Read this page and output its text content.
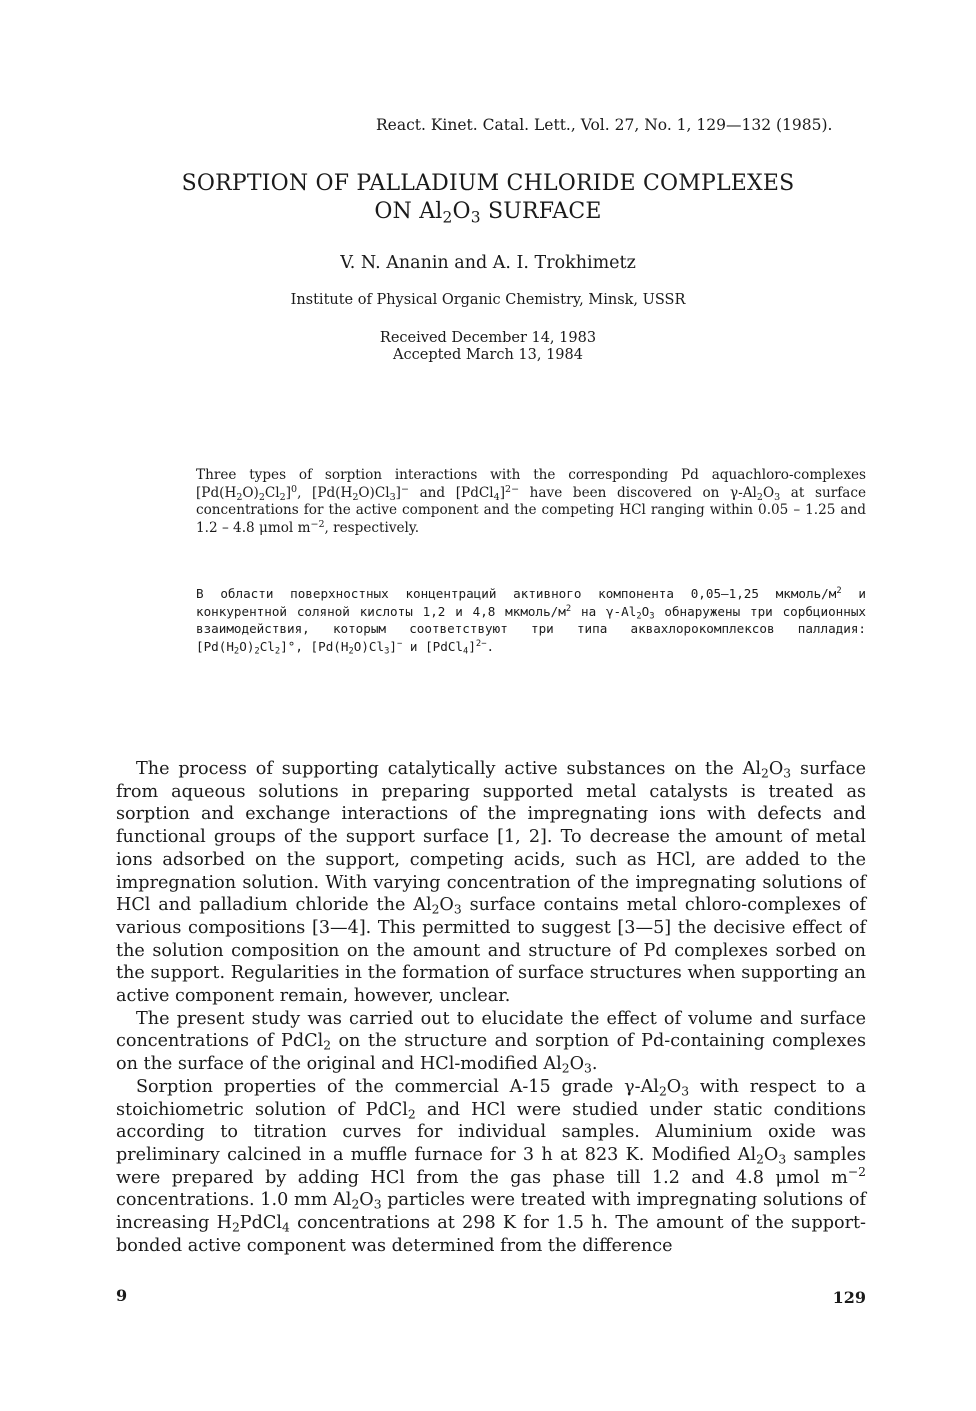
React. Kinet. Catal. Lett., Vol. 27, No. 1, 129—132 (1985).
SORPTION OF PALLADIUM CHLORIDE COMPLEXES
ON $Al_2O_3$ SURFACE
V. N. Ananin and A. I. Trokhimetz
Institute of Physical Organic Chemistry, Minsk, USSR
Received December 14, 1983
Accepted March 13, 1984
Three types of sorption interactions with the corresponding Pd aquachloro-complexes $[Pd(H_2O)_2Cl_2]^0$, $[Pd(H_2O)Cl_3]^-$ and [PdCl$_4$]$^{2-}$ have been discovered on $\gamma-Al_2O_3$ at surface concentrations for the active component and the competing HCl ranging within 0.05 – 1.25 and 1.2 – 4.8 μmol $m^{-2}$, respectively.
В области поверхностных концентраций активного компонента 0,05—1,25 мкмоль/$м^2$ и конкурентной соляной кислоты 1,2 и 4,8 мкмоль/$м^2$ на $\gamma-Al_2O_3$ обнаружены три сорбционных взаимодействия, которым соответствуют три типа аквахлорокомплексов палладия: $[Pd(H_2O)_2Cl_2]^\circ$, $[Pd(H_2O)Cl_3]^-$ и [PdCl$_4$]$^{2-}$.

The process of supporting catalytically active substances on the $Al_2O_3$ surface from aqueous solutions in preparing supported metal catalysts is treated as sorption and exchange interactions of the impregnating ions with defects and functional groups of the support surface [1, 2]. To decrease the amount of metal ions adsorbed on the support, competing acids, such as HCl, are added to the impregnation solution. With varying concentration of the impregnating solutions of HCl and palladium chloride the $Al_2O_3$ surface contains metal chloro-complexes of various compositions [3—4]. This permitted to suggest [3—5] the decisive effect of the solution composition on the amount and structure of Pd complexes sorbed on the support. Regularities in the formation of surface structures when supporting an active component remain, however, unclear.

The present study was carried out to elucidate the effect of volume and surface concentrations of PdCl$_2$ on the structure and sorption of Pd-containing complexes on the surface of the original and HCl-modified $Al_2O_3$.

Sorption properties of the commercial A-15 grade $\gamma-Al_2O_3$ with respect to a stoichiometric solution of PdCl$_2$ and HCl were studied under static conditions according to titration curves for individual samples. Aluminium oxide was preliminary calcined in a muffle furnace for 3 h at 823 K. Modified $Al_2O_3$ samples were prepared by adding HCl from the gas phase till 1.2 and 4.8 μmol $m^{-2}$ concentrations. 1.0 mm $Al_2O_3$ particles were treated with impregnating solutions of increasing $H_2PdCl_4$ concentrations at 298 K for 1.5 h. The amount of the support-bonded active component was determined from the difference

9	129
